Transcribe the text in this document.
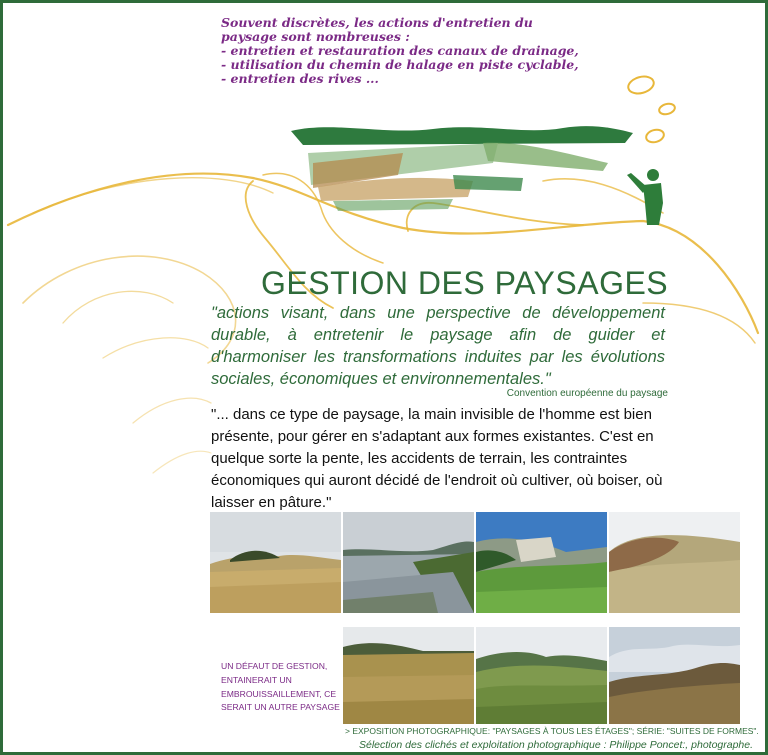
Souvent discrètes, les actions d'entretien du
paysage sont nombreuses :
- entretien et restauration des canaux de drainage,
- utilisation du chemin de halage en piste cyclable,
- entretien des rives ...
GESTION DES PAYSAGES
"actions visant, dans une perspective de développement durable, à entretenir le paysage afin de guider et d'harmoniser les transformations induites par les évolutions sociales, économiques et environnementales."
Convention européenne du paysage
"... dans ce type de paysage, la main invisible de l'homme est bien présente, pour gérer en s'adaptant aux formes existantes. C'est en quelque sorte la pente, les accidents de terrain, les contraintes économiques qui auront décidé de l'endroit où cultiver, où boiser, où laisser en pâture."
UN DÉFAUT DE GESTION, ENTAINERAIT UN EMBROUISSAILLEMENT, CE SERAIT UN AUTRE PAYSAGE
> EXPOSITION PHOTOGRAPHIQUE: "PAYSAGES À TOUS LES ÉTAGES"; SÉRIE: "SUITES DE FORMES".
Sélection des clichés et exploitation photographique : Philippe Poncet:, photographe.
